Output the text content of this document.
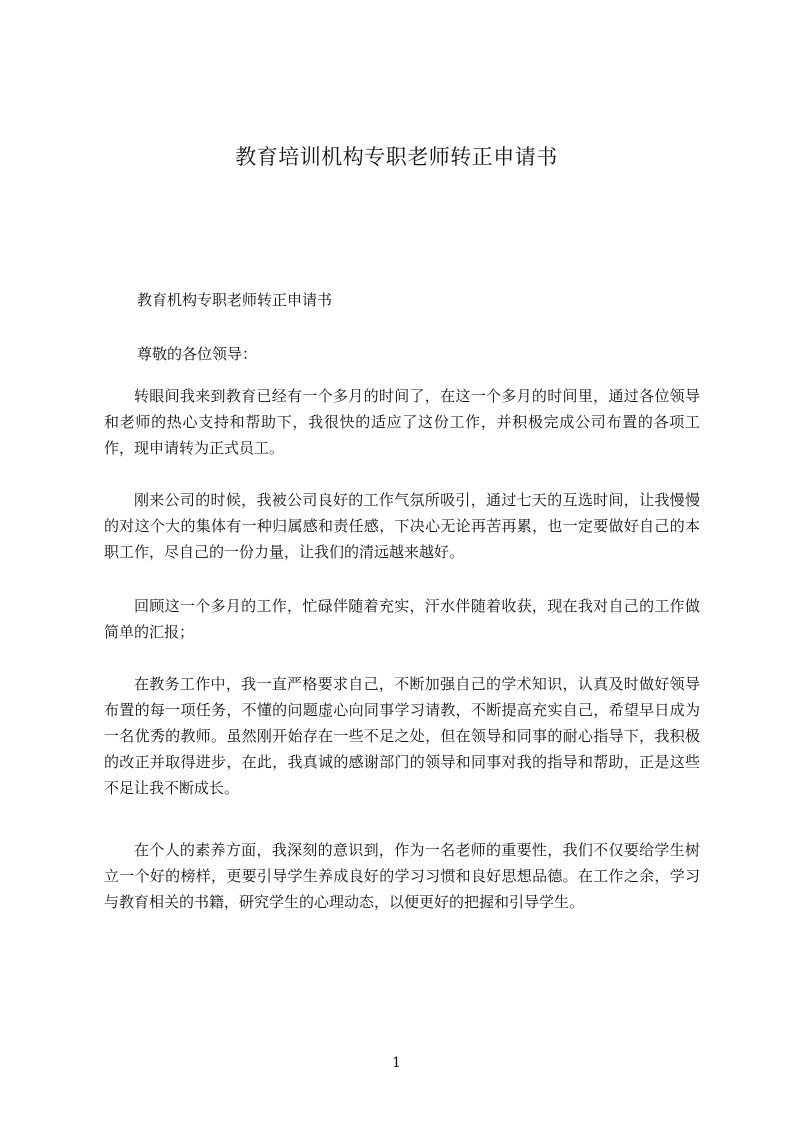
教育培训机构专职老师转正申请书
教育机构专职老师转正申请书
尊敬的各位领导：

转眼间我来到教育已经有一个多月的时间了，在这一个多月的时间里，通过各位领导和老师的热心支持和帮助下，我很快的适应了这份工作，并积极完成公司布置的各项工作，现申请转为正式员工。

刚来公司的时候，我被公司良好的工作气氛所吸引，通过七天的互选时间，让我慢慢的对这个大的集体有一种归属感和责任感，下决心无论再苦再累，也一定要做好自己的本职工作，尽自己的一份力量，让我们的清远越来越好。

回顾这一个多月的工作，忙碌伴随着充实，汗水伴随着收获，现在我对自己的工作做简单的汇报；

在教务工作中，我一直严格要求自己，不断加强自己的学术知识，认真及时做好领导布置的每一项任务，不懂的问题虚心向同事学习请教，不断提高充实自己，希望早日成为一名优秀的教师。虽然刚开始存在一些不足之处，但在领导和同事的耐心指导下，我积极的改正并取得进步，在此，我真诚的感谢部门的领导和同事对我的指导和帮助，正是这些不足让我不断成长。

在个人的素养方面，我深刻的意识到，作为一名老师的重要性，我们不仅要给学生树立一个好的榜样，更要引导学生养成良好的学习习惯和良好思想品德。在工作之余，学习与教育相关的书籍，研究学生的心理动态，以便更好的把握和引导学生。

1
